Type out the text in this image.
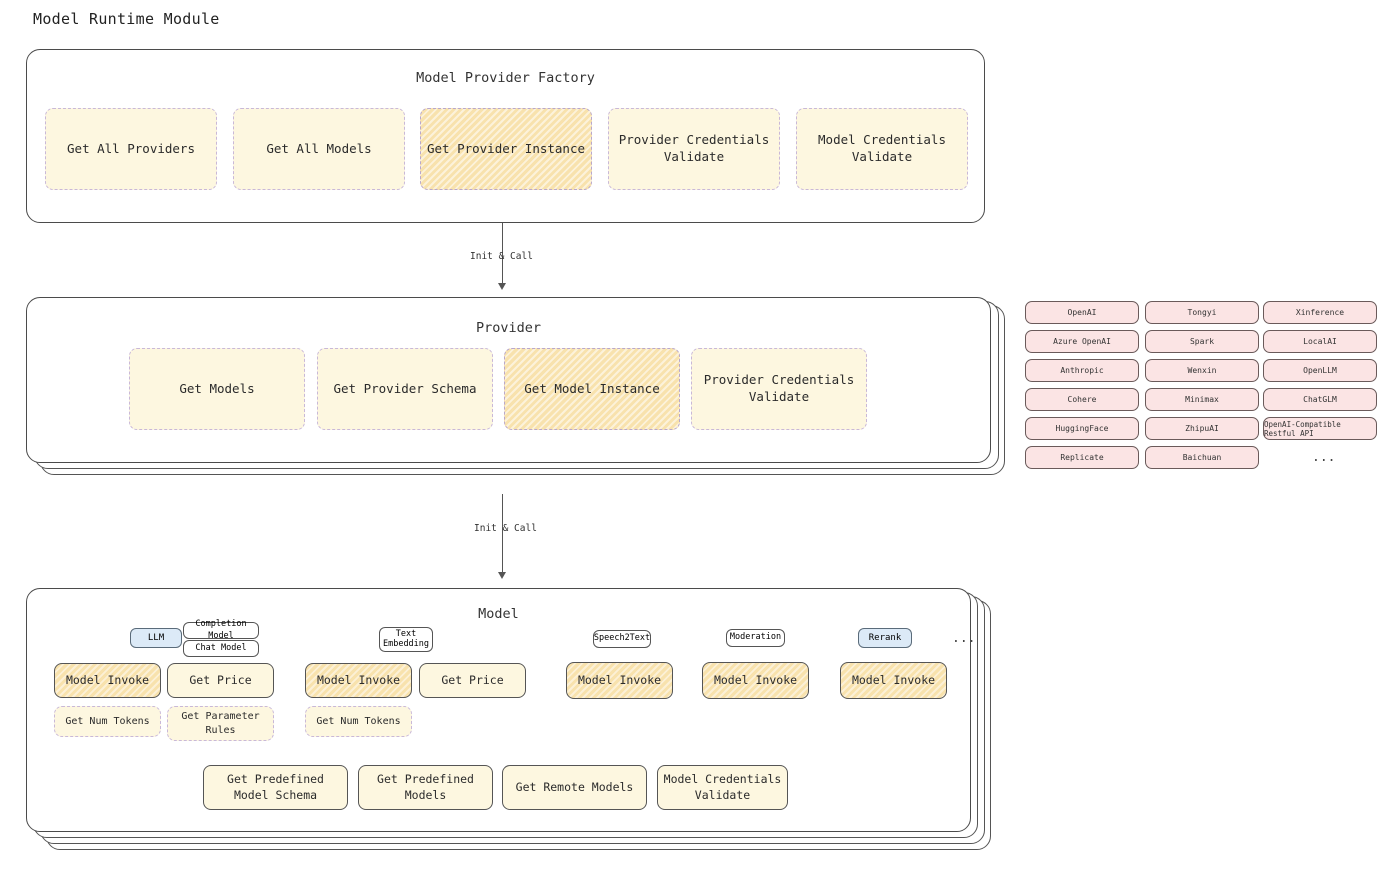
Model Runtime Module
Model Provider Factory
Get All Providers	Get All Models	Get Provider Instance
Provider Credentials Validate
Model Credentials Validate
Init & Call
Provider
Get Models	Get Provider Schema	Get Model Instance
Provider Credentials Validate
OpenAI
Azure OpenAI
Anthropic
Cohere
HuggingFace
Replicate
Tongyi
Spark
Wenxin
Minimax
ZhipuAI
Baichuan
Xinference
LocalAI
OpenLLM
ChatGLM
OpenAI-Compatible Restful API
...
Init & Call
Model
LLM
Completion Model
Chat Model
Text Embedding
Speech2Text	Moderation	Rerank	...
Model Invoke	Get Price
Get Num Tokens	Get Parameter Rules
Model Invoke	Get Price
Get Num Tokens
Model Invoke	Model Invoke	Model Invoke
Get Predefined Model Schema
Get Predefined Models
Get Remote Models
Model Credentials Validate
